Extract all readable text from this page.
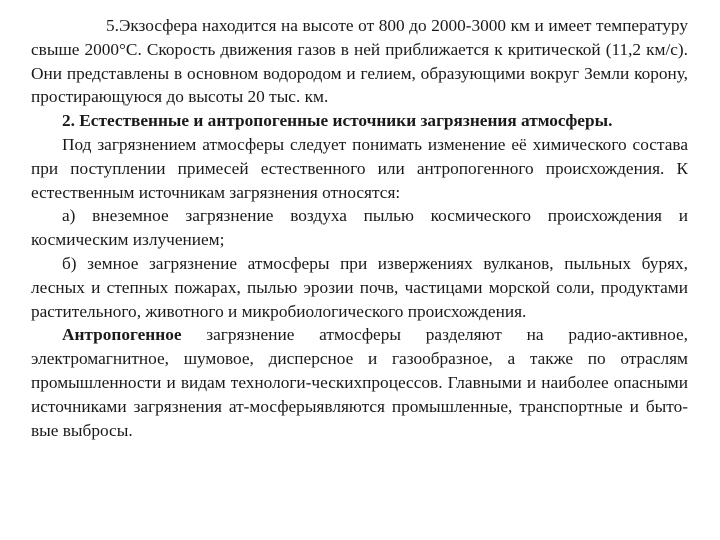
5.Экзосфера находится на высоте от 800 до 2000-3000 км и имеет температуру свыше 2000°С. Скорость движения газов в ней приближается к критической (11,2 км/с). Они представлены в основном водородом и гелием, образующими вокруг Земли корону, простирающуюся до высоты 20 тыс. км.

2. Естественные и антропогенные источники загрязнения атмосферы.

Под загрязнением атмосферы следует понимать изменение её химического состава при поступлении примесей естественного или антропогенного происхождения. К естественным источникам загрязнения относятся:

а) внеземное загрязнение воздуха пылью космического происхождения и космическим излучением;

б) земное загрязнение атмосферы при извержениях вулканов, пыльных бурях, лесных и степных пожарах, пылью эрозии почв, частицами морской соли, продуктами растительного, животного и микробиологического происхождения.

Антропогенное загрязнение атмосферы разделяют на радио-активное, электромагнитное, шумовое, дисперсное и газообразное, а также по отраслям промышленности и видам технологи-ческихпроцессов. Главными и наиболее опасными источниками загрязнения ат-мосферыявляются промышленные, транспортные и быто-вые выбросы.
